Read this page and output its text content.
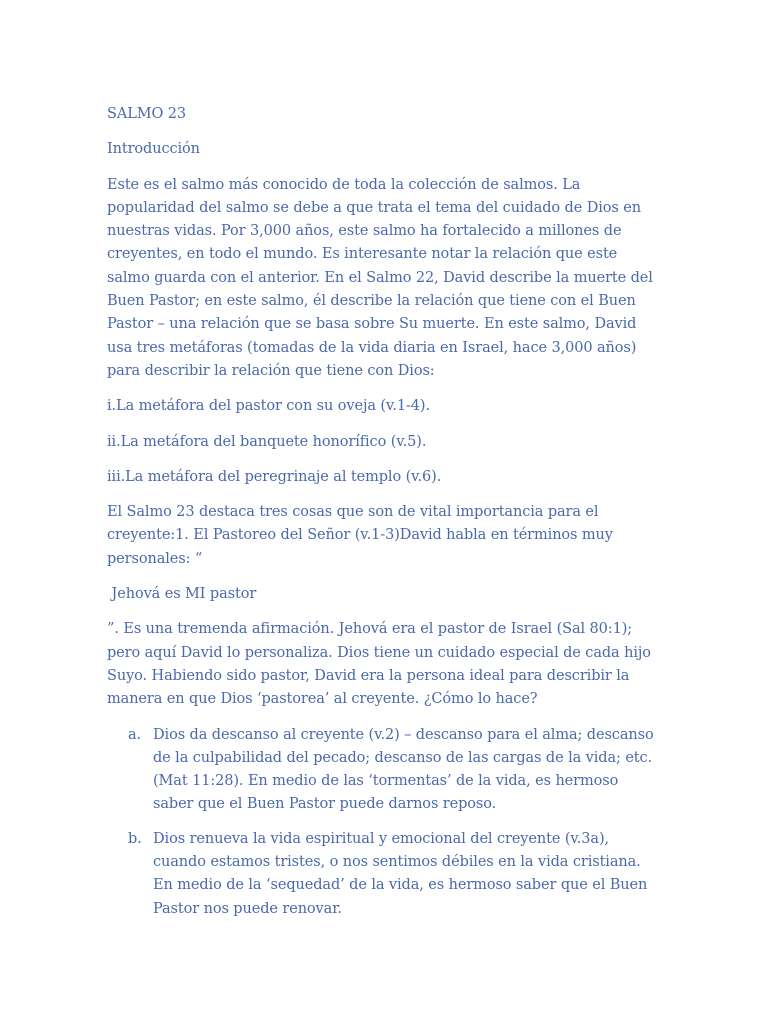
SALMO 23

Introducción

Este es el salmo más conocido de toda la colección de salmos. La popularidad del salmo se debe a que trata el tema del cuidado de Dios en nuestras vidas. Por 3,000 años, este salmo ha fortalecido a millones de creyentes, en todo el mundo. Es interesante notar la relación que este salmo guarda con el anterior. En el Salmo 22, David describe la muerte del Buen Pastor; en este salmo, él describe la relación que tiene con el Buen Pastor – una relación que se basa sobre Su muerte. En este salmo, David usa tres metáforas (tomadas de la vida diaria en Israel, hace 3,000 años) para describir la relación que tiene con Dios:

i.La metáfora del pastor con su oveja (v.1-4).

ii.La metáfora del banquete honorífico (v.5).

iii.La metáfora del peregrinaje al templo (v.6).

El Salmo 23 destaca tres cosas que son de vital importancia para el creyente:1. El Pastoreo del Señor (v.1-3)David habla en términos muy personales: “

Jehová es MI pastor

”. Es una tremenda afirmación. Jehová era el pastor de Israel (Sal 80:1); pero aquí David lo personaliza. Dios tiene un cuidado especial de cada hijo Suyo. Habiendo sido pastor, David era la persona ideal para describir la manera en que Dios ‘pastorea’ al creyente. ¿Cómo lo hace?

a. Dios da descanso al creyente (v.2) – descanso para el alma; descanso de la culpabilidad del pecado; descanso de las cargas de la vida; etc. (Mat 11:28). En medio de las ‘tormentas’ de la vida, es hermoso saber que el Buen Pastor puede darnos reposo.
b. Dios renueva la vida espiritual y emocional del creyente (v.3a), cuando estamos tristes, o nos sentimos débiles en la vida cristiana. En medio de la ‘sequedad’ de la vida, es hermoso saber que el Buen Pastor nos puede renovar.
